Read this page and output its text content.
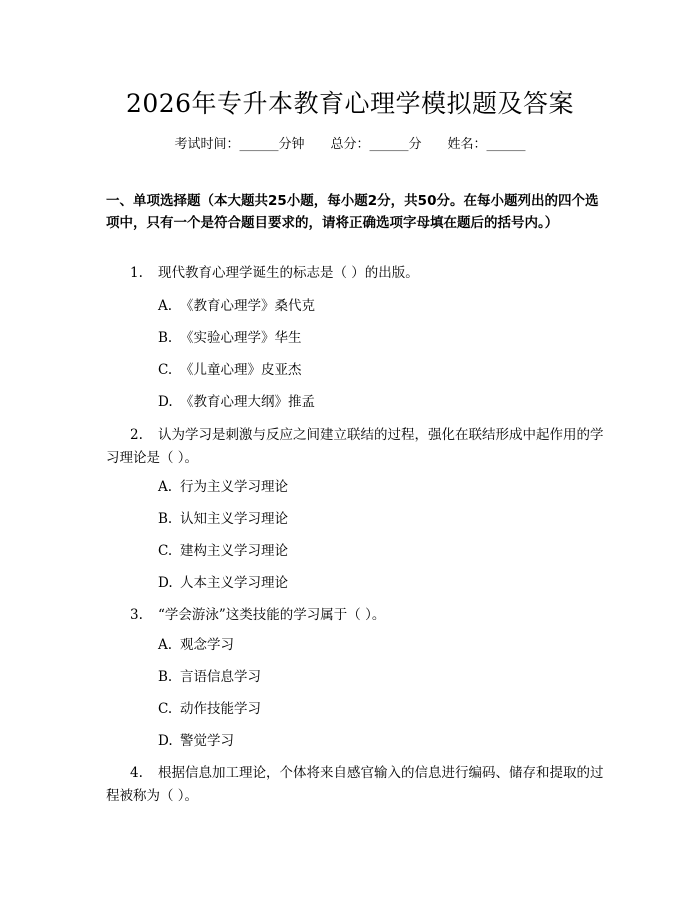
2026年专升本教育心理学模拟题及答案
考试时间：______分钟 总分：______分 姓名：______
一、单项选择题（本大题共25小题，每小题2分，共50分。在每小题列出的四个选项中，只有一个是符合题目要求的，请将正确选项字母填在题后的括号内。）
1. 现代教育心理学诞生的标志是（ ）的出版。
A. 《教育心理学》桑代克
B. 《实验心理学》华生
C. 《儿童心理》皮亚杰
D. 《教育心理大纲》推孟
2. 认为学习是刺激与反应之间建立联结的过程，强化在联结形成中起作用的学习理论是（ ）。
A. 行为主义学习理论
B. 认知主义学习理论
C. 建构主义学习理论
D. 人本主义学习理论
3. “学会游泳”这类技能的学习属于（ ）。
A. 观念学习
B. 言语信息学习
C. 动作技能学习
D. 警觉学习
4. 根据信息加工理论，个体将来自感官输入的信息进行编码、储存和提取的过程被称为（ ）。
